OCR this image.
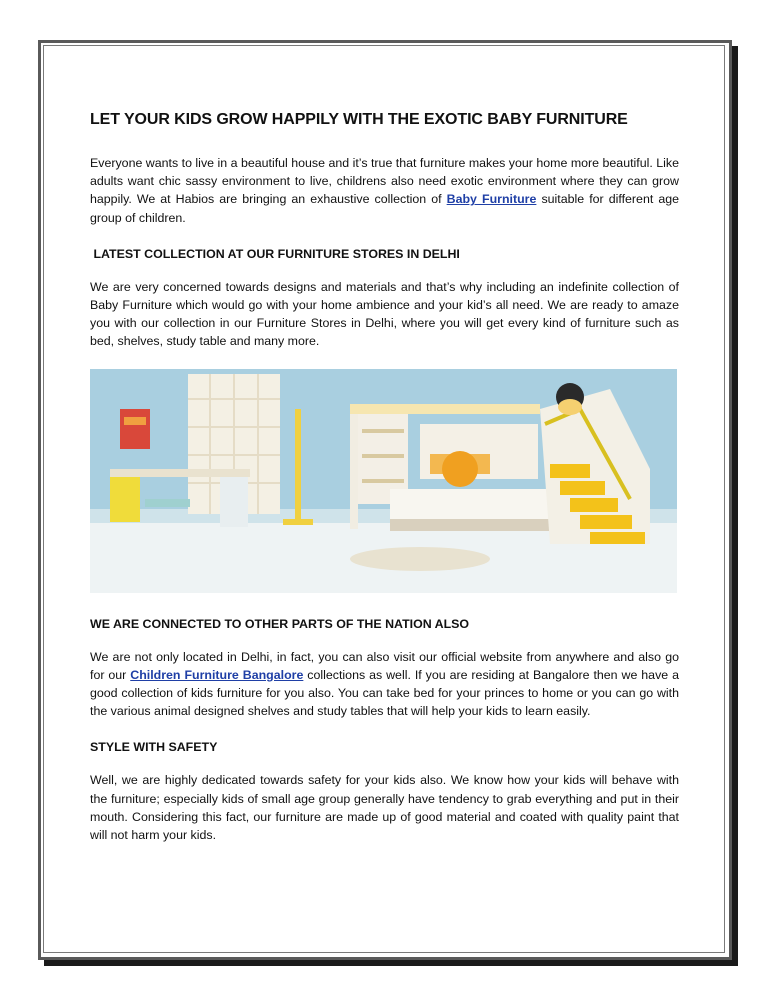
LET YOUR KIDS GROW HAPPILY WITH THE EXOTIC BABY FURNITURE

Everyone wants to live in a beautiful house and it’s true that furniture makes your home more beautiful. Like adults want chic sassy environment to live, childrens also need exotic environment where they can grow happily. We at Habios are bringing an exhaustive collection of Baby Furniture suitable for different age group of children.

LATEST COLLECTION AT OUR FURNITURE STORES IN DELHI

We are very concerned towards designs and materials and that’s why including an indefinite collection of Baby Furniture which would go with your home ambience and your kid’s all need. We are ready to amaze you with our collection in our Furniture Stores in Delhi, where you will get every kind of furniture such as bed, shelves, study table and many more.

WE ARE CONNECTED TO OTHER PARTS OF THE NATION ALSO

We are not only located in Delhi, in fact, you can also visit our official website from anywhere and also go for our Children Furniture Bangalore collections as well. If you are residing at Bangalore then we have a good collection of kids furniture for you also. You can take bed for your princes to home or you can go with the various animal designed shelves and study tables that will help your kids to learn easily.

STYLE WITH SAFETY

Well, we are highly dedicated towards safety for your kids also. We know how your kids will behave with the furniture; especially kids of small age group generally have tendency to grab everything and put in their mouth. Considering this fact, our furniture are made up of good material and coated with quality paint that will not harm your kids.
